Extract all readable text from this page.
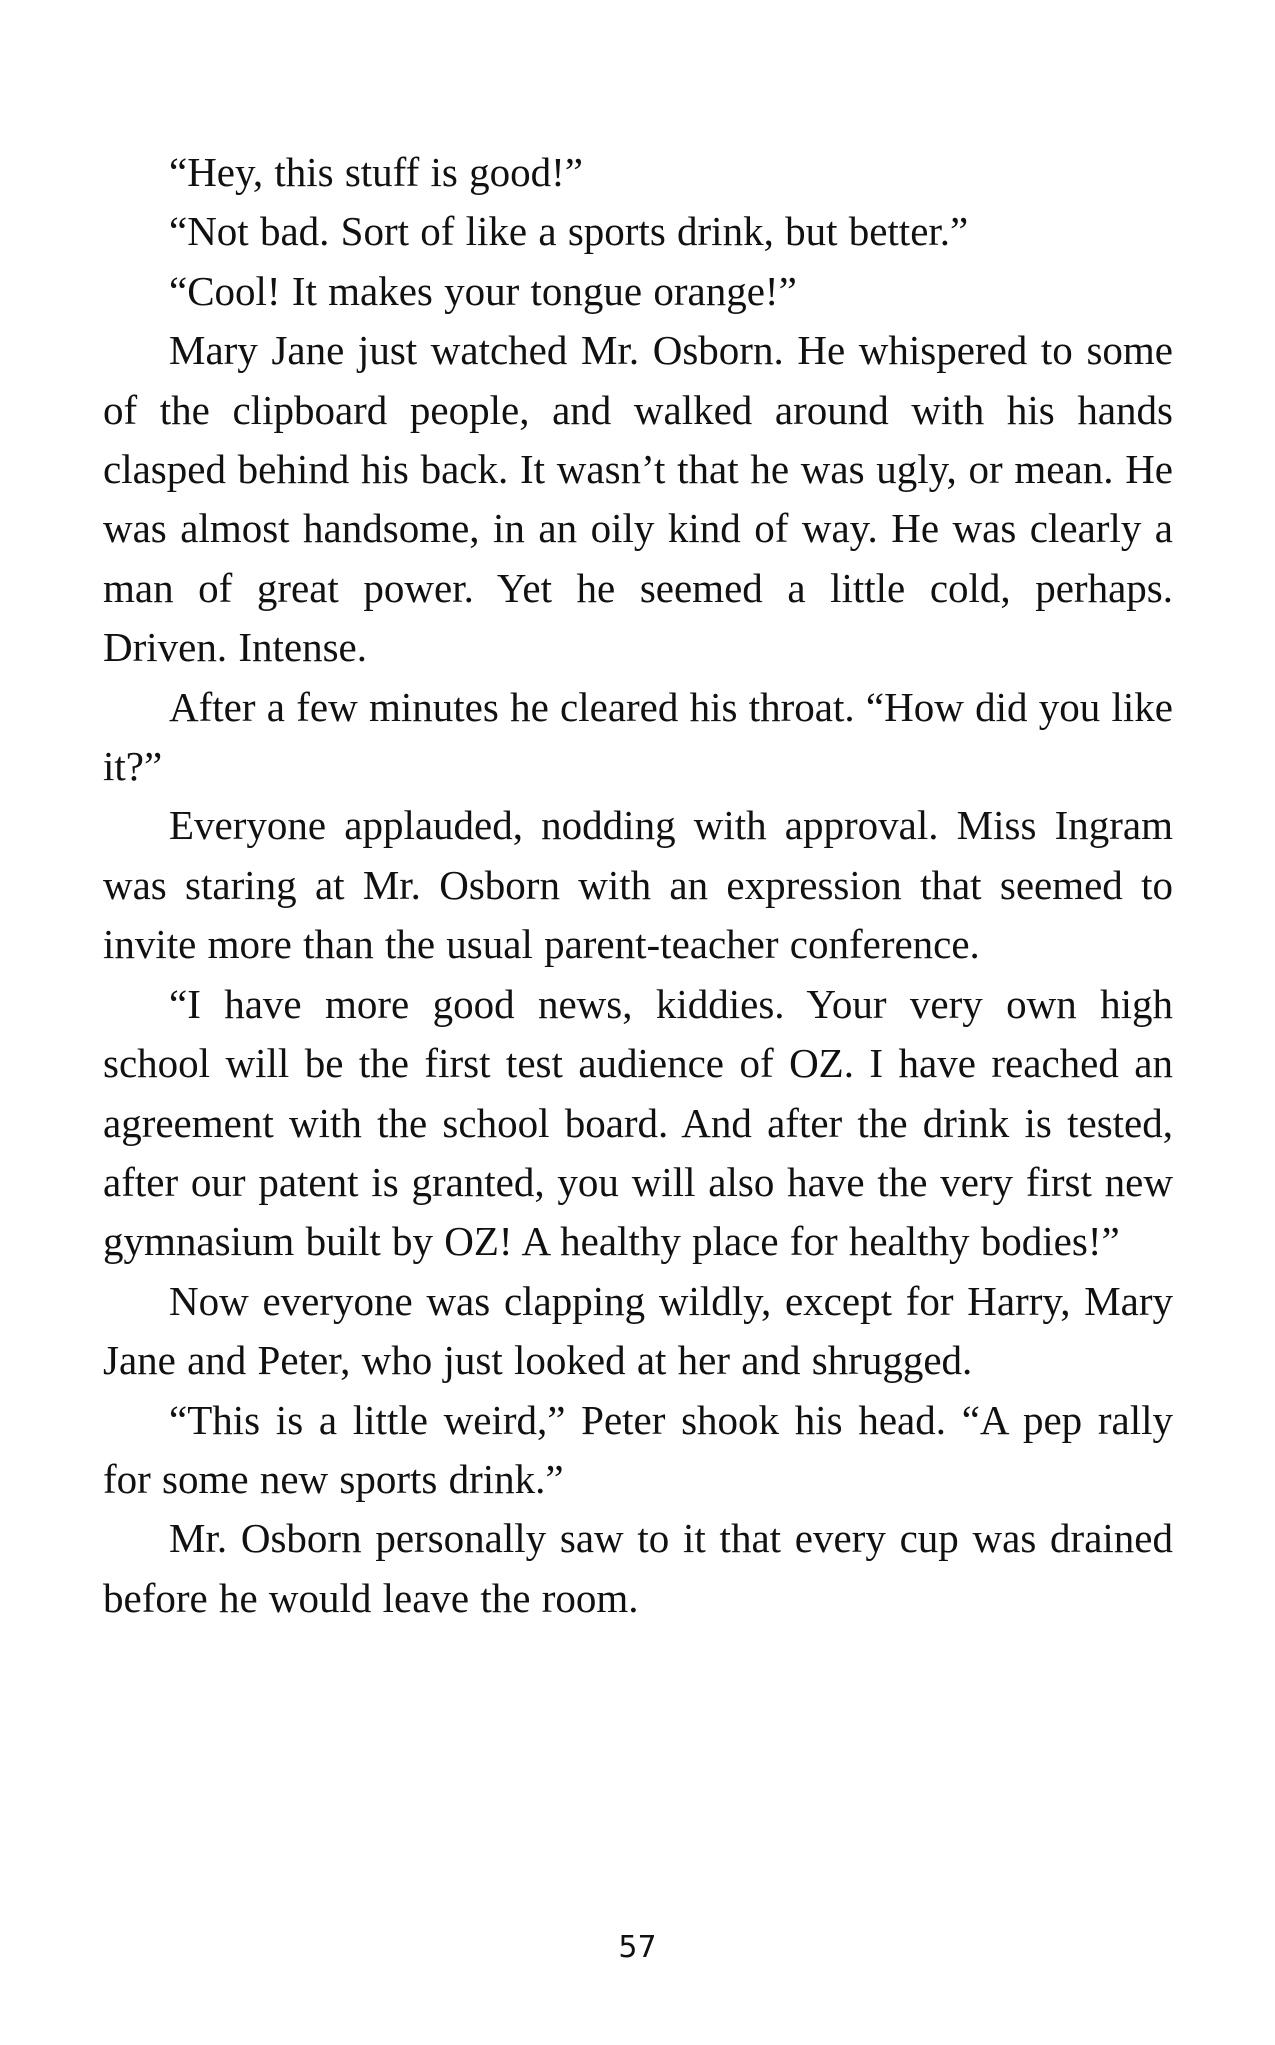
“Hey, this stuff is good!”

“Not bad. Sort of like a sports drink, but better.”

“Cool! It makes your tongue orange!”

Mary Jane just watched Mr. Osborn. He whispered to some of the clipboard people, and walked around with his hands clasped behind his back. It wasn’t that he was ugly, or mean. He was almost handsome, in an oily kind of way. He was clearly a man of great power. Yet he seemed a little cold, perhaps. Driven. Intense.

After a few minutes he cleared his throat. “How did you like it?”

Everyone applauded, nodding with approval. Miss Ingram was staring at Mr. Osborn with an expression that seemed to invite more than the usual parent-teacher conference.

“I have more good news, kiddies. Your very own high school will be the first test audience of OZ. I have reached an agreement with the school board. And after the drink is tested, after our patent is granted, you will also have the very first new gymnasium built by OZ! A healthy place for healthy bodies!”

Now everyone was clapping wildly, except for Harry, Mary Jane and Peter, who just looked at her and shrugged.

“This is a little weird,” Peter shook his head. “A pep rally for some new sports drink.”

Mr. Osborn personally saw to it that every cup was drained before he would leave the room.

57
